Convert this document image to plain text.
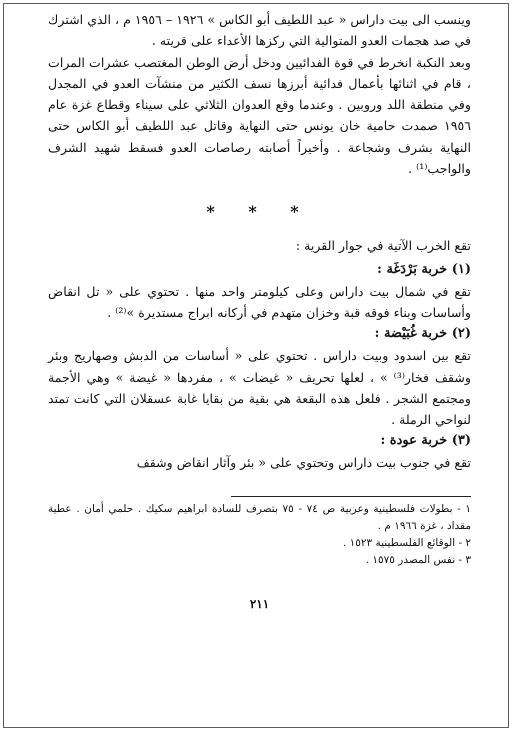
وينسب الى بيت داراس « عبد اللطيف أبو الكاس » ١٩٢٦ – ١٩٥٦ م ، الذي اشترك في صد هجمات العدو المتوالية التي ركزها الأعداء على قريته .

وبعد النكبة انخرط في قوة الفدائيين ودخل أرض الوطن المغتصب عشرات المرات ، قام في اثنائها بأعمال فدائية أبرزها نسف الكثير من منشآت العدو في المجدل وفي منطقة اللد وروبين . وعندما وقع العدوان الثلاثي على سيناء وقطاع غزة عام ١٩٥٦ صمدت حامية خان يونس حتى النهاية وقاتل عبد اللطيف أبو الكاس حتى النهاية بشرف وشجاعة . وأخيراً أصابته رصاصات العدو فسقط شهيد الشرف والواجب⁽¹⁾ .

* * *

تقع الخرب الآتية في جوار القرية :

(١) خربة بَرْدَغَة :

تقع في شمال بيت داراس وعلى كيلومتر واحد منها . تحتوي على « تل انقاض وأساسات وبناء فوقه قبة وخزان متهدم في أركانه ابراج مستديرة »⁽²⁾ .

(٢) خربة غُبَيْضة :

تقع بين اسدود وبيت داراس . تحتوي على « أساسات من الدبش وصهاريج وبئر وشقف فخار⁽³⁾ » ، لعلها تحريف « غيضات » ، مفردها « غيضة » وهي الأجمة ومجتمع الشجر . فلعل هذه البقعة هي بقية من بقايا غابة عسقلان التي كانت تمتد لنواحي الرملة .

(٣) خربة عودة :

تقع في جنوب بيت داراس وتحتوي على « بئر وآثار انقاض وشقف

١ - بطولات فلسطينية وعربية ص ٧٤ - ٧٥ بتصرف للسادة ابراهيم سكيك . حلمي أمان . عطية مقداد ، غزة ١٩٦٦ م .

٢ - الوقائع الفلسطينية ١٥٢٣ .

٣ - نفس المصدر ١٥٧٥ .

٢١١
